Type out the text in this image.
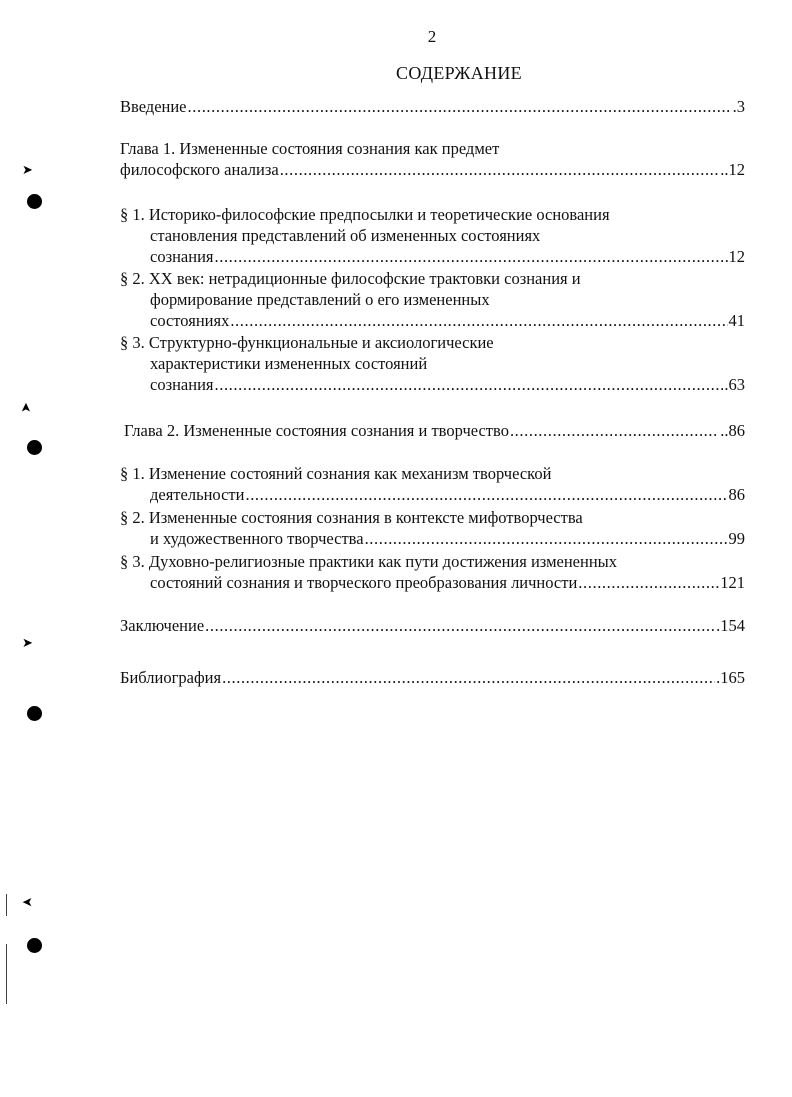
2
СОДЕРЖАНИЕ
Введение .....	.3
Глава 1. Измененные состояния сознания как предмет
философского анализа .....	..12
§ 1. Историко-философские предпосылки и теоретические основания
становления представлений об измененных состояниях
сознания .....	12
§ 2. XX век: нетрадиционные философские трактовки сознания и
формирование представлений о его измененных
состояниях .....	41
§ 3. Структурно-функциональные и аксиологические
характеристики измененных состояний
сознания .....	.63
Глава 2. Измененные состояния сознания и творчество .....	..86
§ 1. Изменение состояний сознания как механизм творческой
деятельности .....	86
§ 2. Измененные состояния сознания в контексте мифотворчества
и художественного творчества .....	99
§ 3. Духовно-религиозные практики как пути достижения измененных
состояний сознания и творческого преобразования личности .....	121
Заключение .....	.154
Библиография .....	.165
➤
➤
➤
➤
